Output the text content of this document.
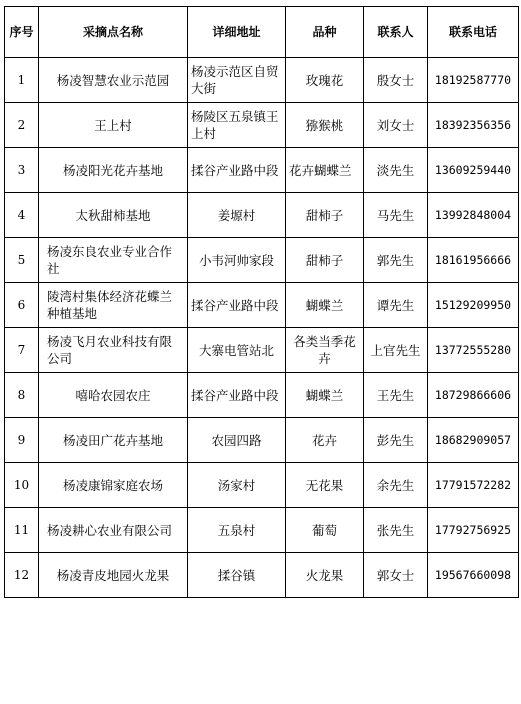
序号	采摘点名称	详细地址	品种	联系人	联系电话
1	杨凌智慧农业示范园	杨凌示范区自贸大街	玫瑰花	殷女士	18192587770
2	王上村	杨陵区五泉镇王上村	猕猴桃	刘女士	18392356356
3	杨凌阳光花卉基地	揉谷产业路中段	花卉蝴蝶兰	淡先生	13609259440
4	太秋甜柿基地	姜塬村	甜柿子	马先生	13992848004
5	杨凌东良农业专业合作社	小韦河帅家段	甜柿子	郭先生	18161956666
6	陵湾村集体经济花蝶兰种植基地	揉谷产业路中段	蝴蝶兰	谭先生	15129209950
7	杨凌飞月农业科技有限公司	大寨电管站北	各类当季花卉	上官先生	13772555280
8	嘻哈农园农庄	揉谷产业路中段	蝴蝶兰	王先生	18729866606
9	杨凌田广花卉基地	农园四路	花卉	彭先生	18682909057
10	杨凌康锦家庭农场	汤家村	无花果	余先生	17791572282
11	杨凌耕心农业有限公司	五泉村	葡萄	张先生	17792756925
12	杨凌青皮地园火龙果	揉谷镇	火龙果	郭女士	19567660098
